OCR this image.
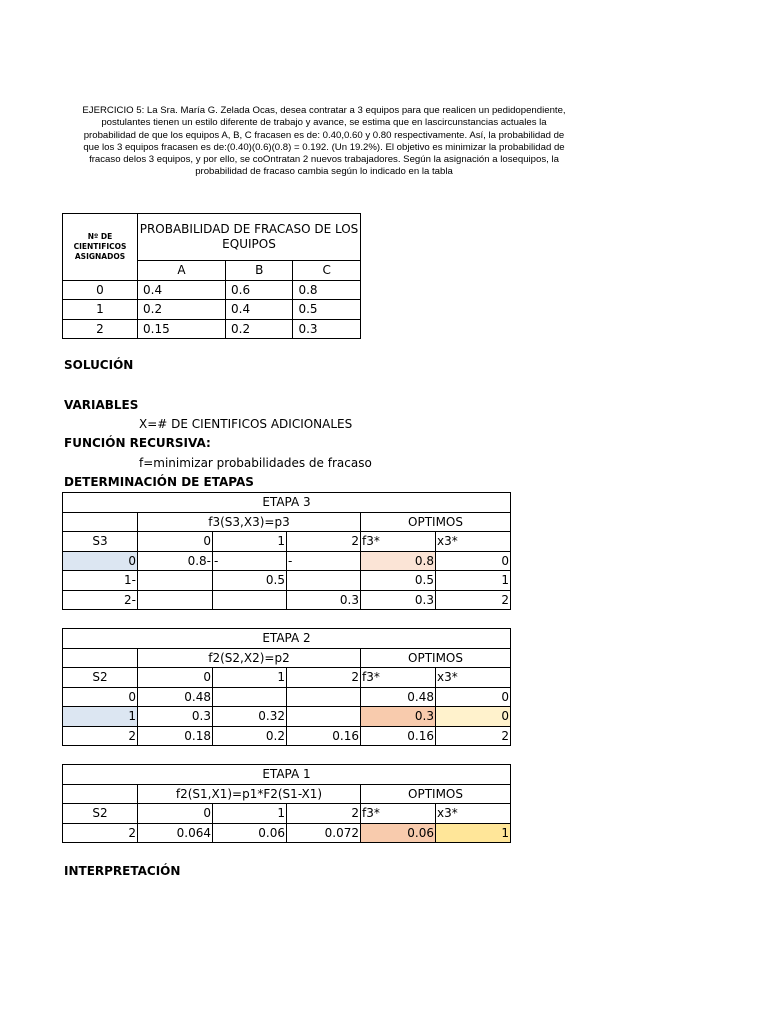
EJERCICIO 5: La Sra. María G. Zelada Ocas, desea contratar a 3 equipos para que realicen un pedidopendiente,

postulantes tienen un estilo diferente de trabajo y avance, se estima que en lascircunstancias actuales la

probabilidad de que los equipos A, B, C fracasen es de: 0.40,0.60 y 0.80 respectivamente. Así, la probabilidad de

que los 3 equipos fracasen es de:(0.40)(0.6)(0.8) = 0.192. (Un 19.2%). El objetivo es minimizar la probabilidad de

fracaso delos 3 equipos, y por ello, se coOntratan 2 nuevos trabajadores. Según la asignación a losequipos, la

probabilidad de fracaso cambia según lo indicado en la tabla

Nº DE
CIENTIFICOS
ASIGNADOS	PROBABILIDAD DE FRACASO DE LOS EQUIPOS		
	A	B	C
0	0.4	0.6	0.8
1	0.2	0.4	0.5
2	0.15	0.2	0.3
SOLUCIÓN
VARIABLES
X=# DE CIENTIFICOS ADICIONALES
FUNCIÓN RECURSIVA:
f=minimizar probabilidades de fracaso
DETERMINACIÓN DE ETAPAS
ETAPA 3					
	f3(S3,X3)=p3			OPTIMOS	
S3	0	1	2	f3*	x3*
0	0.8-	-	-	0.8	0
1-		0.5		0.5	1
2-			0.3	0.3	2
ETAPA 2					
	f2(S2,X2)=p2			OPTIMOS	
S2	0	1	2	f3*	x3*
0	0.48			0.48	0
1	0.3	0.32		0.3	0
2	0.18	0.2	0.16	0.16	2
ETAPA 1					
	f2(S1,X1)=p1*F2(S1-X1)			OPTIMOS	
S2	0	1	2	f3*	x3*
2	0.064	0.06	0.072	0.06	1
INTERPRETACIÓN
